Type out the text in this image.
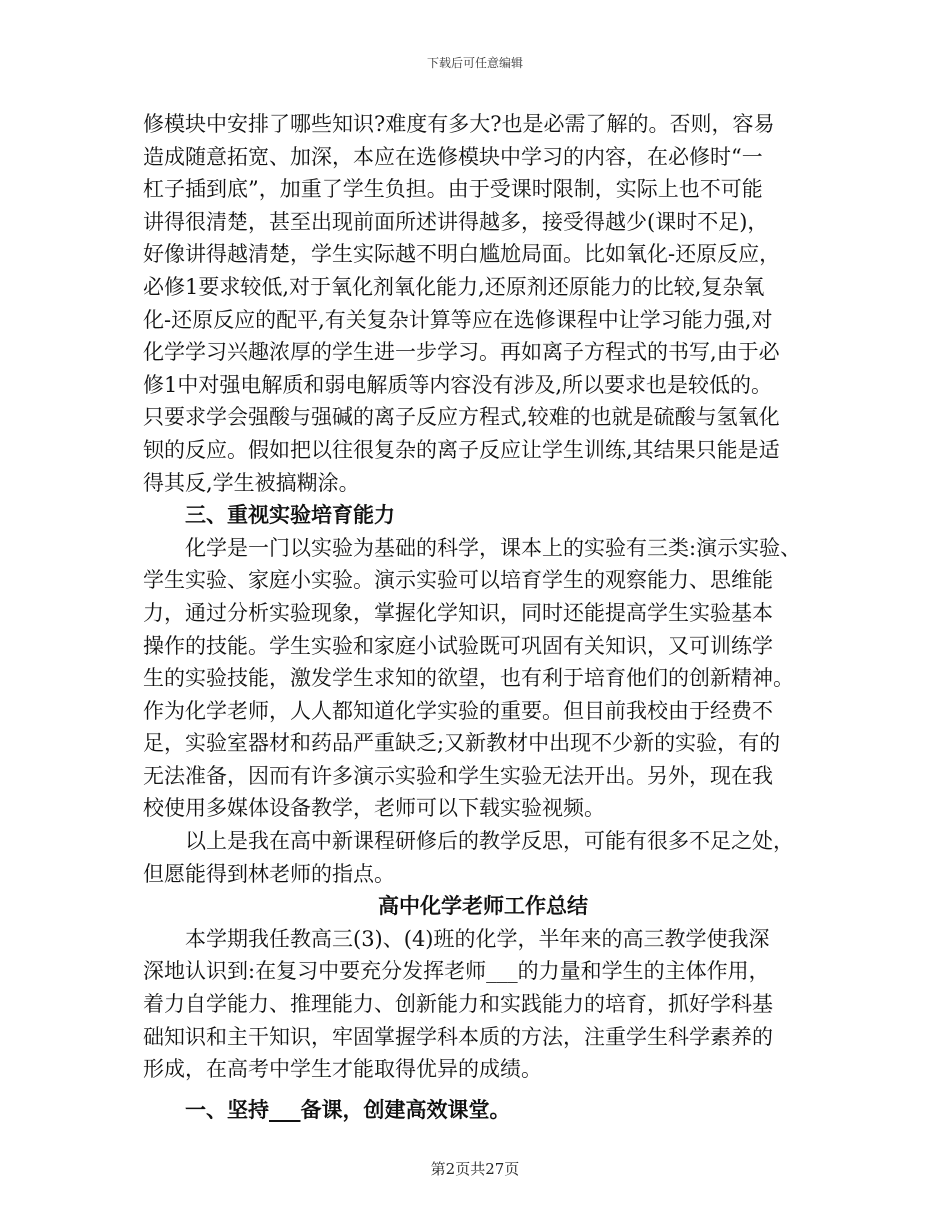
下载后可任意编辑
修模块中安排了哪些知识?难度有多大?也是必需了解的。否则，容易
造成随意拓宽、加深，本应在选修模块中学习的内容，在必修时“一
杠子插到底”，加重了学生负担。由于受课时限制，实际上也不可能
讲得很清楚，甚至出现前面所述讲得越多，接受得越少(课时不足)，
好像讲得越清楚，学生实际越不明白尴尬局面。比如氧化-还原反应，
必修1要求较低,对于氧化剂氧化能力,还原剂还原能力的比较,复杂氧
化-还原反应的配平,有关复杂计算等应在选修课程中让学习能力强,对
化学学习兴趣浓厚的学生进一步学习。再如离子方程式的书写,由于必
修1中对强电解质和弱电解质等内容没有涉及,所以要求也是较低的。
只要求学会强酸与强碱的离子反应方程式,较难的也就是硫酸与氢氧化
钡的反应。假如把以往很复杂的离子反应让学生训练,其结果只能是适
得其反,学生被搞糊涂。
三、重视实验培育能力
化学是一门以实验为基础的科学，课本上的实验有三类:演示实验、
学生实验、家庭小实验。演示实验可以培育学生的观察能力、思维能
力，通过分析实验现象，掌握化学知识，同时还能提高学生实验基本
操作的技能。学生实验和家庭小试验既可巩固有关知识，又可训练学
生的实验技能，激发学生求知的欲望，也有利于培育他们的创新精神。
作为化学老师，人人都知道化学实验的重要。但目前我校由于经费不
足，实验室器材和药品严重缺乏;又新教材中出现不少新的实验，有的
无法准备，因而有许多演示实验和学生实验无法开出。另外，现在我
校使用多媒体设备教学，老师可以下载实验视频。
以上是我在高中新课程研修后的教学反思，可能有很多不足之处，
但愿能得到林老师的指点。
高中化学老师工作总结
本学期我任教高三(3)、(4)班的化学，半年来的高三教学使我深
深地认识到:在复习中要充分发挥老师___的力量和学生的主体作用，
着力自学能力、推理能力、创新能力和实践能力的培育，抓好学科基
础知识和主干知识，牢固掌握学科本质的方法，注重学生科学素养的
形成，在高考中学生才能取得优异的成绩。
一、坚持___备课，创建高效课堂。
第2页共27页
